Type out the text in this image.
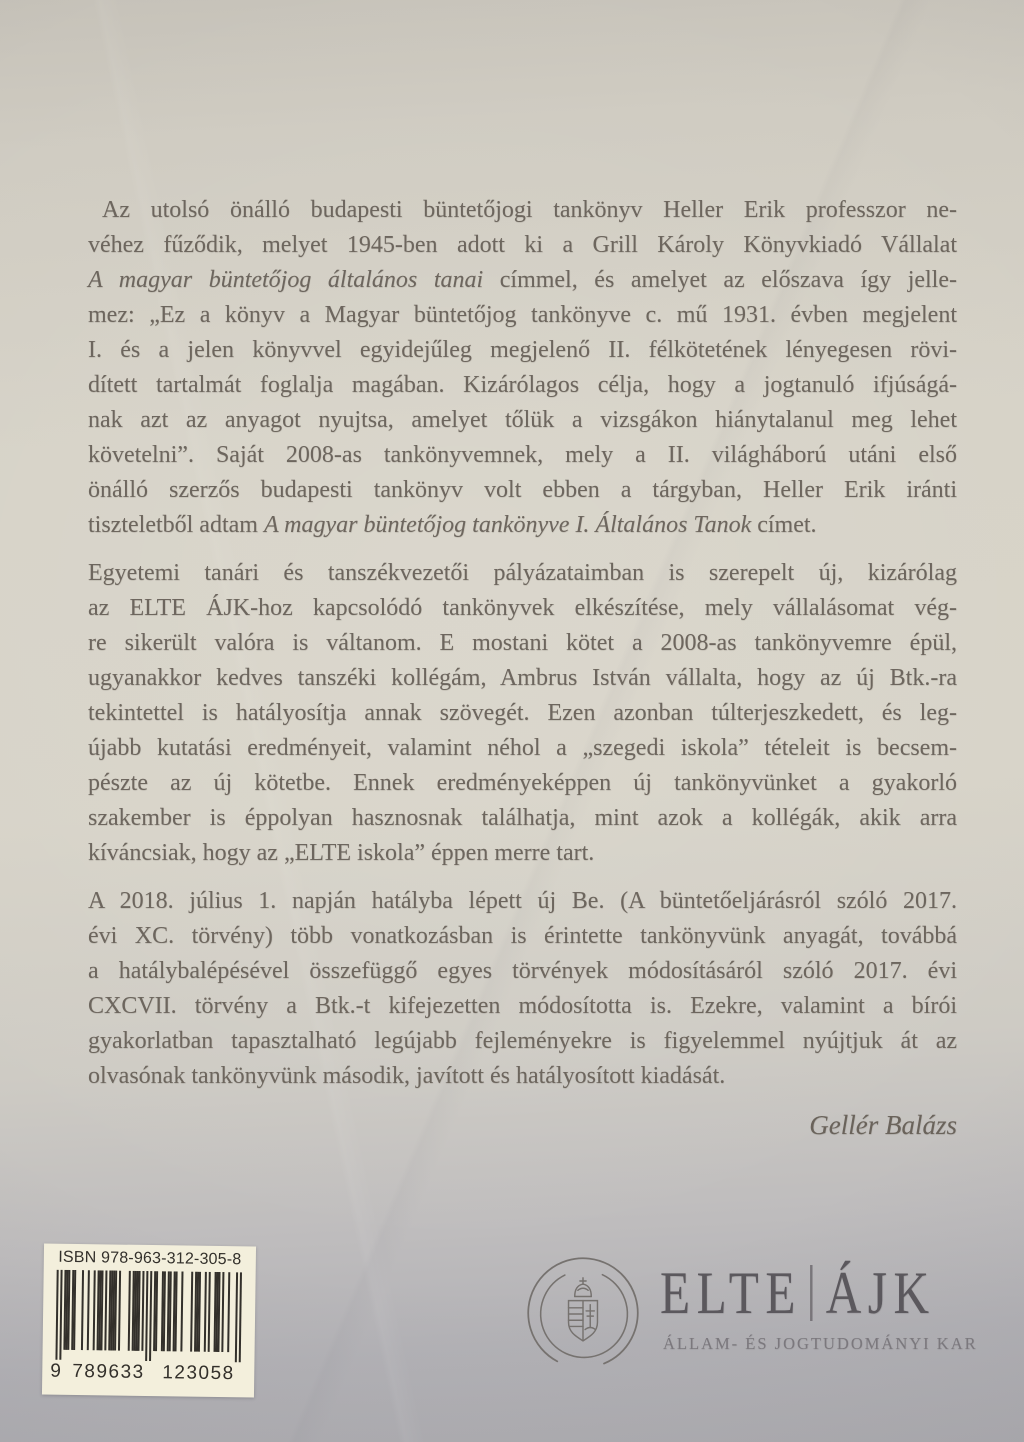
Az utolsó önálló budapesti büntetőjogi tankönyv Heller Erik professzor ne-
véhez fűződik, melyet 1945-ben adott ki a Grill Károly Könyvkiadó Vállalat
A magyar büntetőjog általános tanai címmel, és amelyet az előszava így jelle-
mez: „Ez a könyv a Magyar büntetőjog tankönyve c. mű 1931. évben megjelent
I. és a jelen könyvvel egyidejűleg megjelenő II. félkötetének lényegesen rövi-
dített tartalmát foglalja magában. Kizárólagos célja, hogy a jogtanuló ifjúságá-
nak azt az anyagot nyujtsa, amelyet tőlük a vizsgákon hiánytalanul meg lehet
követelni”. Saját 2008-as tankönyvemnek, mely a II. világháború utáni első
önálló szerzős budapesti tankönyv volt ebben a tárgyban, Heller Erik iránti
tiszteletből adtam A magyar büntetőjog tankönyve I. Általános Tanok címet.
Egyetemi tanári és tanszékvezetői pályázataimban is szerepelt új, kizárólag
az ELTE ÁJK-hoz kapcsolódó tankönyvek elkészítése, mely vállalásomat vég-
re sikerült valóra is váltanom. E mostani kötet a 2008-as tankönyvemre épül,
ugyanakkor kedves tanszéki kollégám, Ambrus István vállalta, hogy az új Btk.-ra
tekintettel is hatályosítja annak szövegét. Ezen azonban túlterjeszkedett, és leg-
újabb kutatási eredményeit, valamint néhol a „szegedi iskola” tételeit is becsem-
pészte az új kötetbe. Ennek eredményeképpen új tankönyvünket a gyakorló
szakember is éppolyan hasznosnak találhatja, mint azok a kollégák, akik arra
kíváncsiak, hogy az „ELTE iskola” éppen merre tart.
A 2018. július 1. napján hatályba lépett új Be. (A büntetőeljárásról szóló 2017.
évi XC. törvény) több vonatkozásban is érintette tankönyvünk anyagát, továbbá
a hatálybalépésével összefüggő egyes törvények módosításáról szóló 2017. évi
CXCVII. törvény a Btk.-t kifejezetten módosította is. Ezekre, valamint a bírói
gyakorlatban tapasztalható legújabb fejleményekre is figyelemmel nyújtjuk át az
olvasónak tankönyvünk második, javított és hatályosított kiadását.
Gellér Balázs
ISBN 978-963-312-305-8
9 789633 123058
ELTE ÁJK
ÁLLAM- ÉS JOGTUDOMÁNYI KAR
